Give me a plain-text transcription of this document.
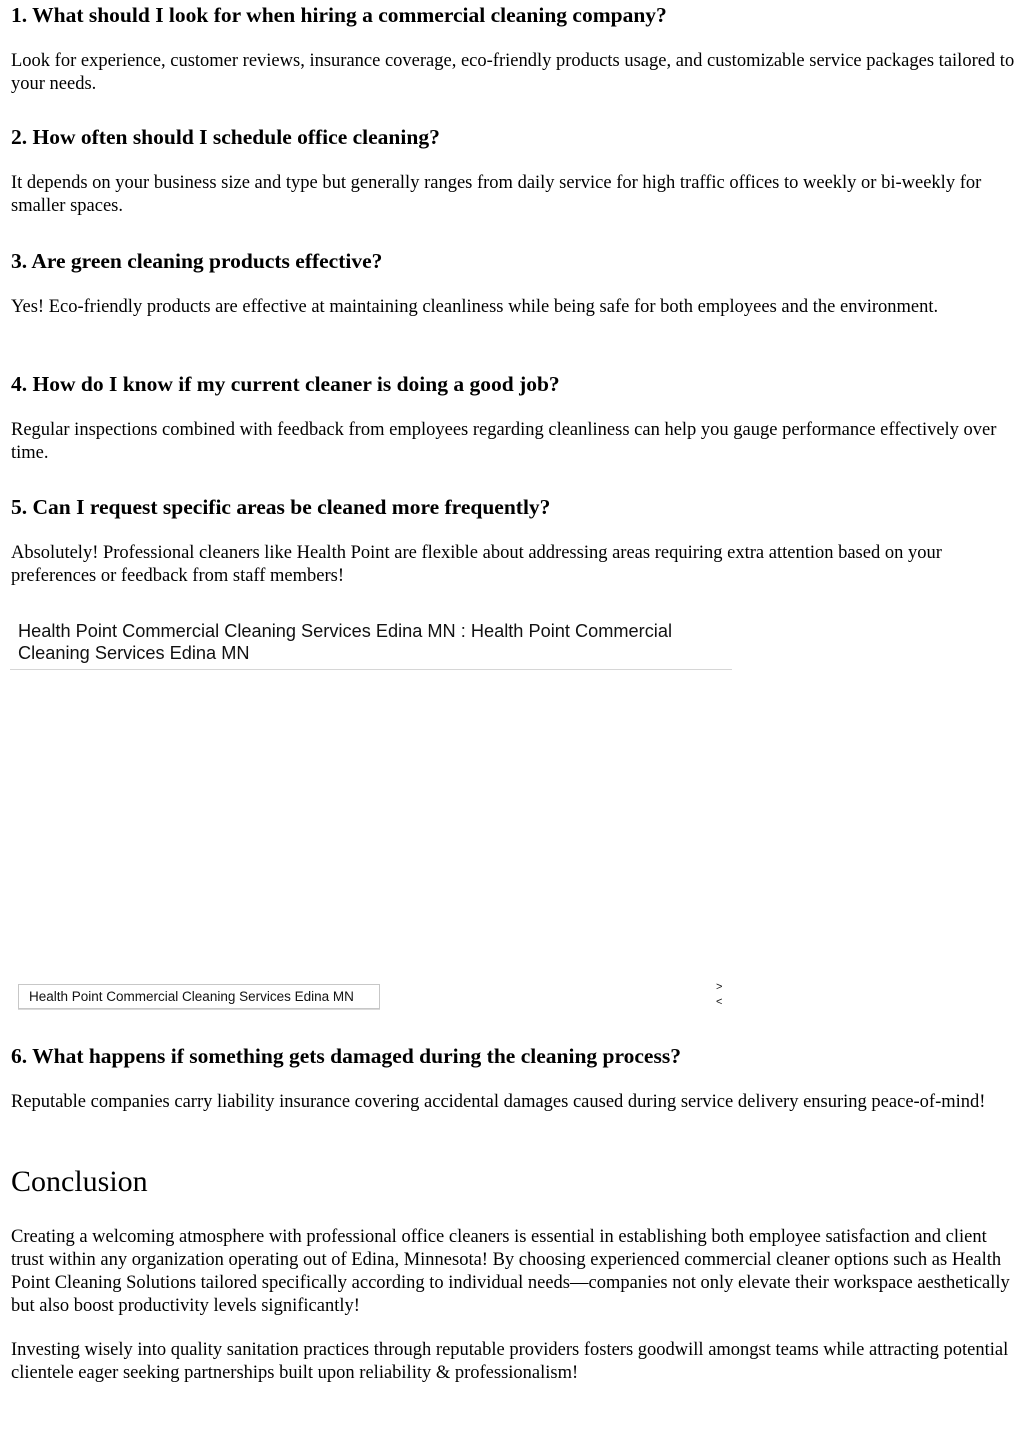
1. What should I look for when hiring a commercial cleaning company?

Look for experience, customer reviews, insurance coverage, eco-friendly products usage, and customizable service packages tailored to your needs.

2. How often should I schedule office cleaning?

It depends on your business size and type but generally ranges from daily service for high traffic offices to weekly or bi-weekly for smaller spaces.

3. Are green cleaning products effective?

Yes! Eco-friendly products are effective at maintaining cleanliness while being safe for both employees and the environment.

4. How do I know if my current cleaner is doing a good job?

Regular inspections combined with feedback from employees regarding cleanliness can help you gauge performance effectively over time.

5. Can I request specific areas be cleaned more frequently?

Absolutely! Professional cleaners like Health Point are flexible about addressing areas requiring extra attention based on your preferences or feedback from staff members!

Health Point Commercial Cleaning Services Edina MN : Health Point Commercial Cleaning Services Edina MN
Health Point Commercial Cleaning Services Edina MN
>
<
6. What happens if something gets damaged during the cleaning process?

Reputable companies carry liability insurance covering accidental damages caused during service delivery ensuring peace-of-mind!

Conclusion

Creating a welcoming atmosphere with professional office cleaners is essential in establishing both employee satisfaction and client trust within any organization operating out of Edina, Minnesota! By choosing experienced commercial cleaner options such as Health Point Cleaning Solutions tailored specifically according to individual needs—companies not only elevate their workspace aesthetically but also boost productivity levels significantly!

Investing wisely into quality sanitation practices through reputable providers fosters goodwill amongst teams while attracting potential clientele eager seeking partnerships built upon reliability & professionalism!
